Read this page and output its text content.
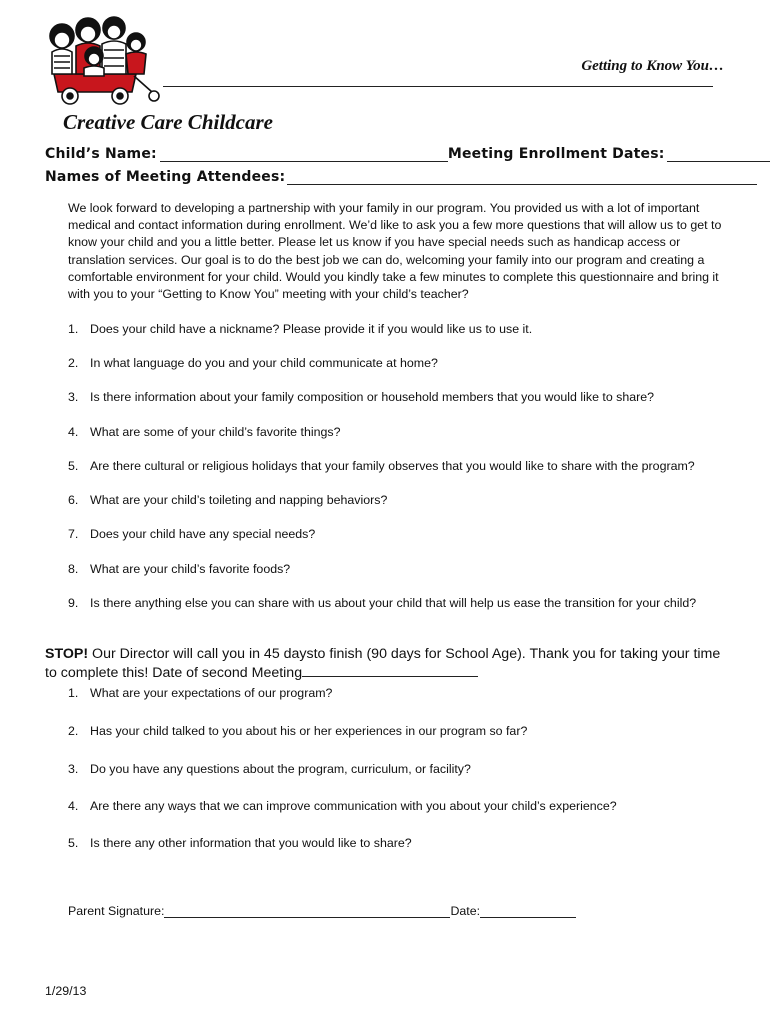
Getting to Know You…
Creative Care Childcare
Child’s Name:	Meeting Enrollment Dates:
Names of Meeting Attendees:
We look forward to developing a partnership with your family in our program. You provided us with a lot of important medical and contact information during enrollment. We’d like to ask you a few more questions that will allow us to get to know your child and you a little better. Please let us know if you have special needs such as handicap access or translation services. Our goal is to do the best job we can do, welcoming your family into our program and creating a comfortable environment for your child. Would you kindly take a few minutes to complete this questionnaire and bring it with you to your “Getting to Know You” meeting with your child’s teacher?
1. Does your child have a nickname? Please provide it if you would like us to use it.
2. In what language do you and your child communicate at home?
3. Is there information about your family composition or household members that you would like to share?
4. What are some of your child’s favorite things?
5. Are there cultural or religious holidays that your family observes that you would like to share with the program?
6. What are your child’s toileting and napping behaviors?
7. Does your child have any special needs?
8. What are your child’s favorite foods?
9. Is there anything else you can share with us about your child that will help us ease the transition for your child?
STOP! Our Director will call you in 45 daysto finish (90 days for School Age). Thank you for taking your time to complete this! Date of second Meeting
1. What are your expectations of our program?
2. Has your child talked to you about his or her experiences in our program so far?
3. Do you have any questions about the program, curriculum, or facility?
4. Are there any ways that we can improve communication with you about your child’s experience?
5. Is there any other information that you would like to share?
Parent Signature:	Date:
1/29/13
